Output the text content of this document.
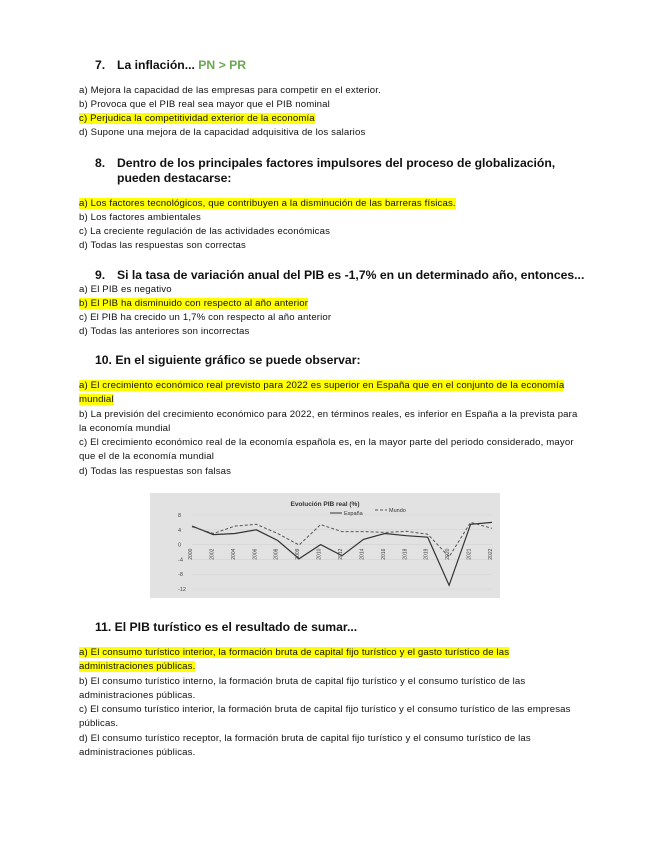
7. La inflación... PN > PR

a) Mejora la capacidad de las empresas para competir en el exterior.

b) Provoca que el PIB real sea mayor que el PIB nominal

c) Perjudica la competitividad exterior de la economía

d) Supone una mejora de la capacidad adquisitiva de los salarios

8. Dentro de los principales factores impulsores del proceso de globalización,

pueden destacarse:

a) Los factores tecnológicos, que contribuyen a la disminución de las barreras físicas.

b) Los factores ambientales

c) La creciente regulación de las actividades económicas

d) Todas las respuestas son correctas

9. Si la tasa de variación anual del PIB es -1,7% en un determinado año, entonces...

a) El PIB es negativo

b) El PIB ha disminuido con respecto al año anterior

c) El PIB ha crecido un 1,7% con respecto al año anterior

d) Todas las anteriores son incorrectas

10. En el siguiente gráfico se puede observar:

a) El crecimiento económico real previsto para 2022 es superior en España que en el conjunto de la economía mundial

b) La previsión del crecimiento económico para 2022, en términos reales, es inferior en España a la prevista para la economía mundial

c) El crecimiento económico real de la economía española es, en la mayor parte del periodo considerado, mayor que el de la economía mundial

d) Todas las respuestas son falsas

Evolución PIB real (%)
España	Mundo
8
4
0
-4
-8
-12
2000	2002	2004	2006	2008	2009	2010	2012	2014	2016	2018	2019	2020	2021	2022

11. El PIB turístico es el resultado de sumar...

a) El consumo turístico interior, la formación bruta de capital fijo turístico y el gasto turístico de las administraciones públicas.

b) El consumo turístico interno, la formación bruta de capital fijo turístico y el consumo turístico de las administraciones públicas.

c) El consumo turístico interior, la formación bruta de capital fijo turístico y el consumo turístico de las empresas públicas.

d) El consumo turístico receptor, la formación bruta de capital fijo turístico y el consumo turístico de las administraciones públicas.
